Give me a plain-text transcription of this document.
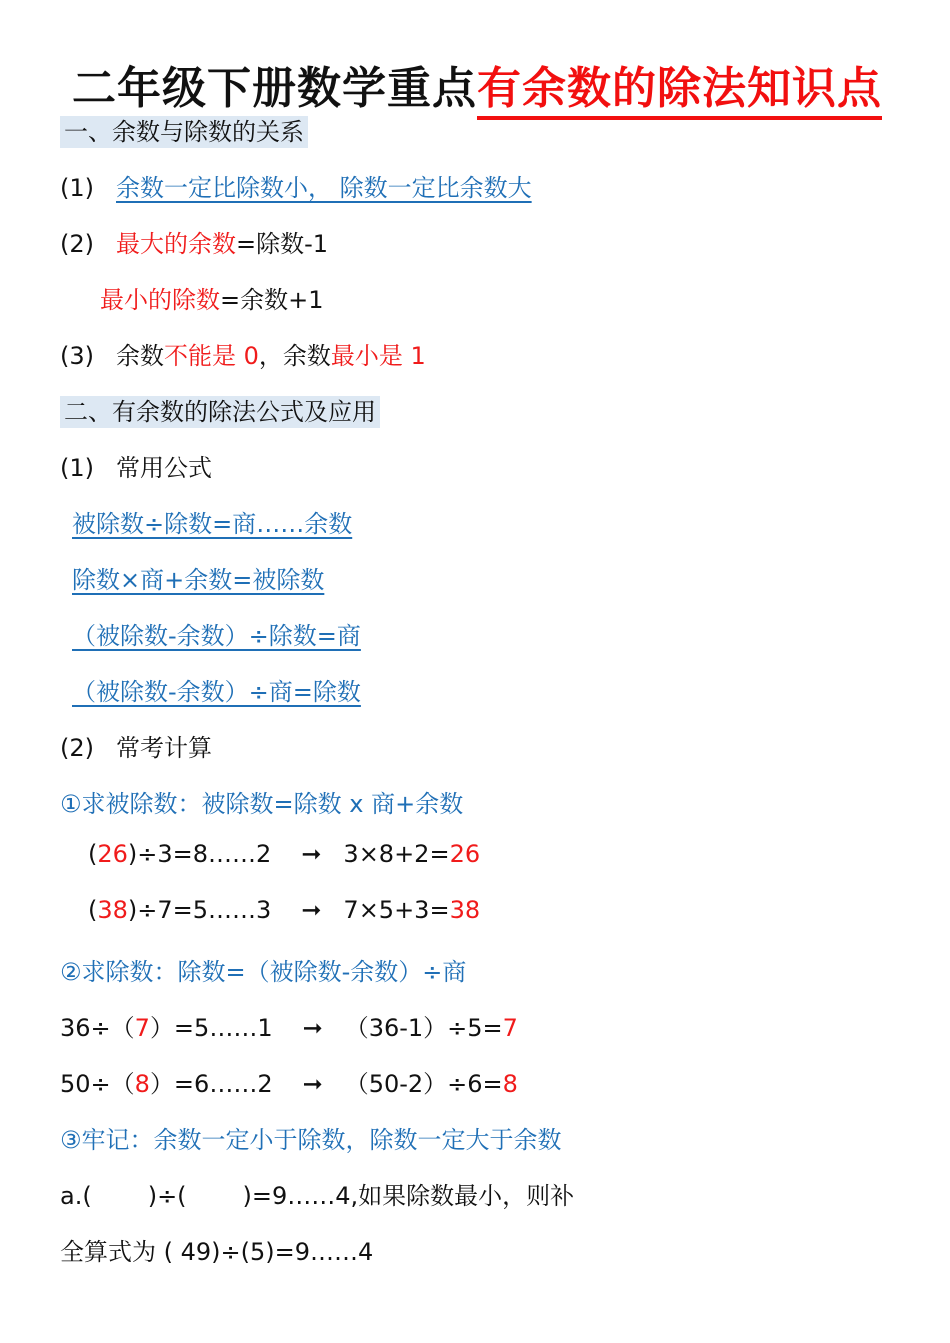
二年级下册数学重点有余数的除法知识点
一、余数与除数的关系
(1) 余数一定比除数小， 除数一定比余数大
(2) 最大的余数=除数-1
最小的除数=余数+1
(3) 余数不能是 0，余数最小是 1
二、有余数的除法公式及应用
(1) 常用公式
被除数÷除数=商……余数
除数×商+余数=被除数
（被除数-余数）÷除数=商
（被除数-余数）÷商=除数
(2) 常考计算
①求被除数：被除数=除数 x 商+余数
(26)÷3=8……2 ➞ 3×8+2=26
(38)÷7=5……3 ➞ 7×5+3=38
②求除数：除数=（被除数-余数）÷商
36÷（7）=5……1 ➞ （36-1）÷5=7
50÷（8）=6……2 ➞ （50-2）÷6=8
③牢记：余数一定小于除数，除数一定大于余数
a.( )÷( )=9……4,如果除数最小，则补
全算式为 ( 49)÷(5)=9……4
